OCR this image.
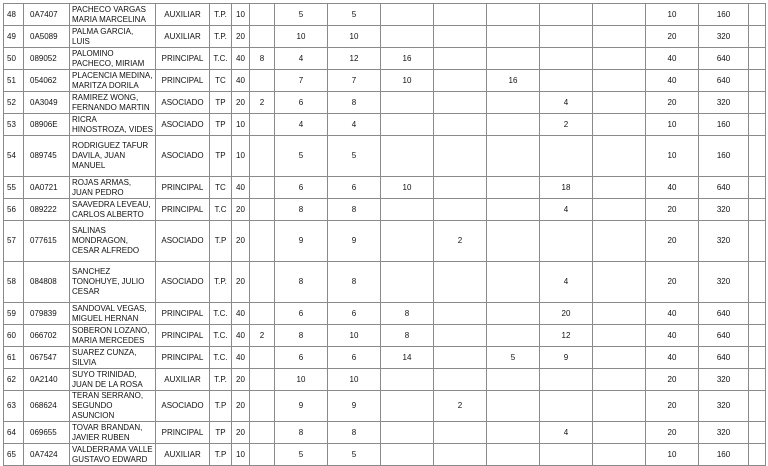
48	0A7407	PACHECO VARGAS MARIA MARCELINA	AUXILIAR	T.P.	10		5	5						10	160	
49	0A5089	PALMA GARCIA, LUIS	AUXILIAR	T.P.	20		10	10						20	320	
50	089052	PALOMINO PACHECO, MIRIAM	PRINCIPAL	T.C.	40	8	4	12	16					40	640	
51	054062	PLACENCIA MEDINA, MARITZA DORILA	PRINCIPAL	TC	40		7	7	10		16			40	640	
52	0A3049	RAMIREZ WONG, FERNANDO MARTIN	ASOCIADO	TP	20	2	6	8				4		20	320	
53	08906E	RICRA HINOSTROZA, VIDES	ASOCIADO	TP	10		4	4				2		10	160	
54	089745	RODRIGUEZ TAFUR DAVILA, JUAN MANUEL	ASOCIADO	TP	10		5	5						10	160	
55	0A0721	ROJAS ARMAS, JUAN PEDRO	PRINCIPAL	TC	40		6	6	10			18		40	640	
56	089222	SAAVEDRA LEVEAU, CARLOS ALBERTO	PRINCIPAL	T.C	20		8	8				4		20	320	
57	077615	SALINAS MONDRAGON, CESAR ALFREDO	ASOCIADO	T.P	20		9	9		2				20	320	
58	084808	SANCHEZ TONOHUYE, JULIO CESAR	ASOCIADO	T.P.	20		8	8				4		20	320	
59	079839	SANDOVAL VEGAS, MIGUEL HERNAN	PRINCIPAL	T.C.	40		6	6	8			20		40	640	
60	066702	SOBERON LOZANO, MARIA MERCEDES	PRINCIPAL	T.C.	40	2	8	10	8			12		40	640	
61	067547	SUAREZ CUNZA, SILVIA	PRINCIPAL	T.C.	40		6	6	14		5	9		40	640	
62	0A2140	SUYO TRINIDAD, JUAN DE LA ROSA	AUXILIAR	T.P.	20		10	10						20	320	
63	068624	TERAN SERRANO, SEGUNDO ASUNCION	ASOCIADO	T.P	20		9	9		2				20	320	
64	069655	TOVAR BRANDAN, JAVIER RUBEN	PRINCIPAL	TP	20		8	8				4		20	320	
65	0A7424	VALDERRAMA VALLE GUSTAVO EDWARD	AUXILIAR	T.P	10		5	5						10	160	
